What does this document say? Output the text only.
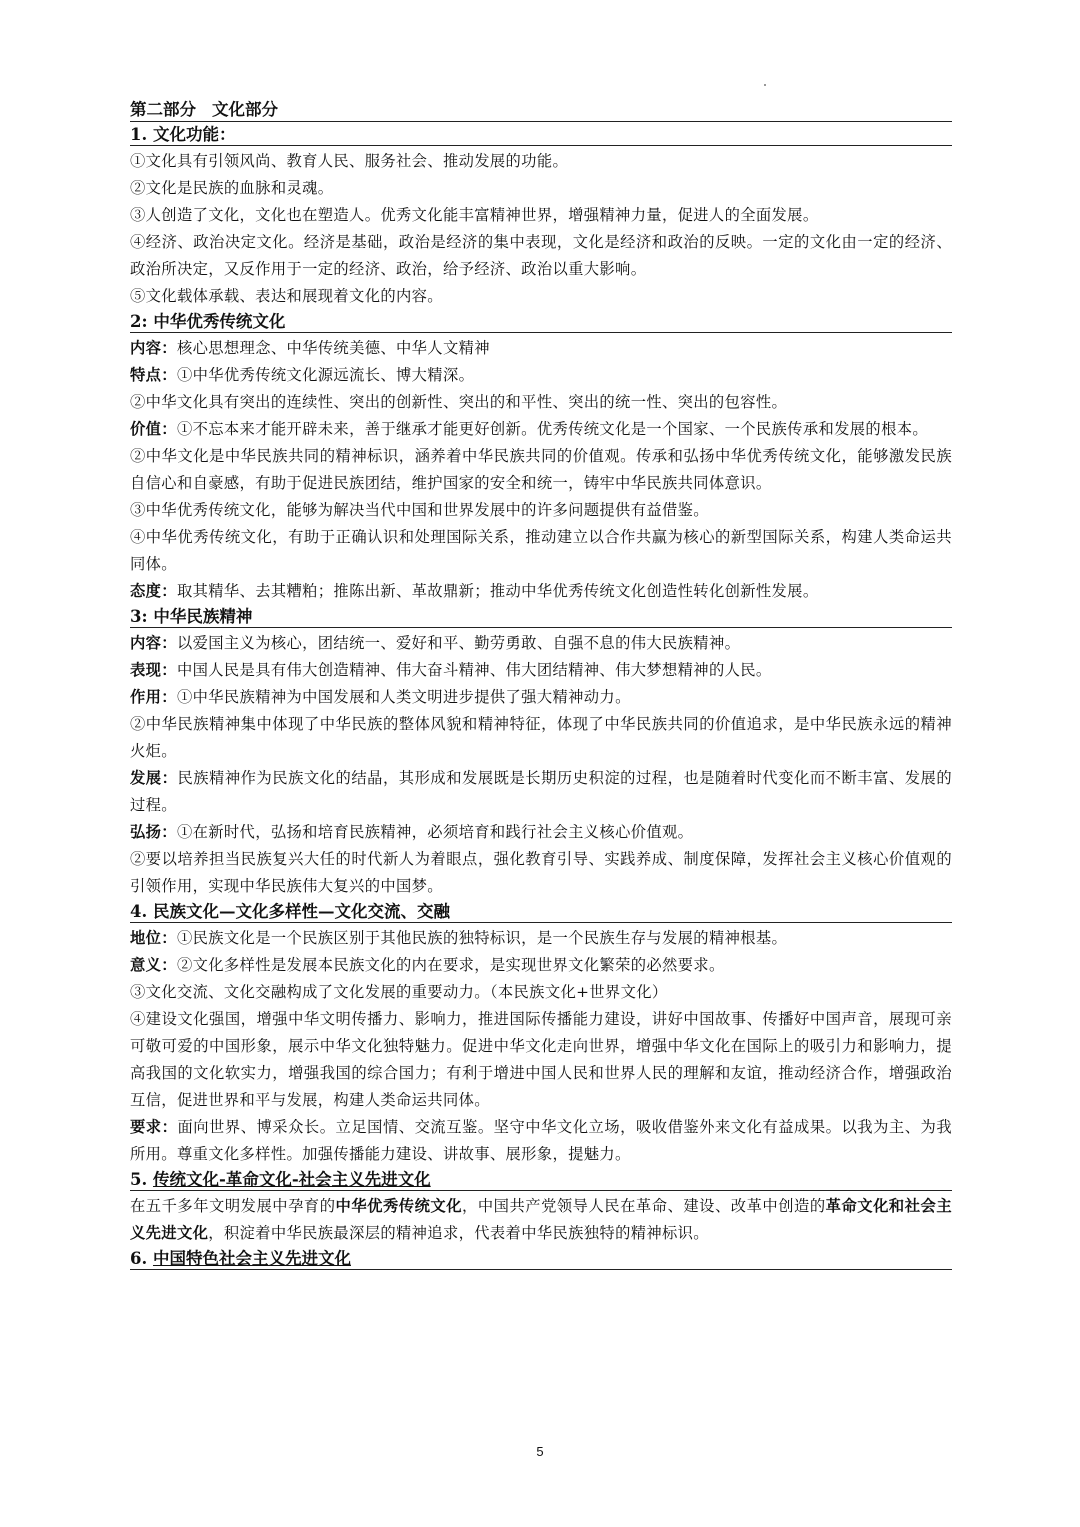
第二部分 文化部分
1. 文化功能：

①文化具有引领风尚、教育人民、服务社会、推动发展的功能。

②文化是民族的血脉和灵魂。

③人创造了文化，文化也在塑造人。优秀文化能丰富精神世界，增强精神力量，促进人的全面发展。

④经济、政治决定文化。经济是基础，政治是经济的集中表现，文化是经济和政治的反映。一定的文化由一定的经济、政治所决定，又反作用于一定的经济、政治，给予经济、政治以重大影响。

⑤文化载体承载、表达和展现着文化的内容。

2: 中华优秀传统文化

内容：核心思想理念、中华传统美德、中华人文精神

特点：①中华优秀传统文化源远流长、博大精深。

②中华文化具有突出的连续性、突出的创新性、突出的和平性、突出的统一性、突出的包容性。

价值：①不忘本来才能开辟未来，善于继承才能更好创新。优秀传统文化是一个国家、一个民族传承和发展的根本。

②中华文化是中华民族共同的精神标识，涵养着中华民族共同的价值观。传承和弘扬中华优秀传统文化，能够激发民族自信心和自豪感，有助于促进民族团结，维护国家的安全和统一，铸牢中华民族共同体意识。

③中华优秀传统文化，能够为解决当代中国和世界发展中的许多问题提供有益借鉴。

④中华优秀传统文化，有助于正确认识和处理国际关系，推动建立以合作共赢为核心的新型国际关系，构建人类命运共同体。

态度：取其精华、去其糟粕；推陈出新、革故鼎新；推动中华优秀传统文化创造性转化创新性发展。

3: 中华民族精神

内容：以爱国主义为核心，团结统一、爱好和平、勤劳勇敢、自强不息的伟大民族精神。

表现：中国人民是具有伟大创造精神、伟大奋斗精神、伟大团结精神、伟大梦想精神的人民。

作用：①中华民族精神为中国发展和人类文明进步提供了强大精神动力。

②中华民族精神集中体现了中华民族的整体风貌和精神特征，体现了中华民族共同的价值追求，是中华民族永远的精神火炬。

发展：民族精神作为民族文化的结晶，其形成和发展既是长期历史积淀的过程，也是随着时代变化而不断丰富、发展的过程。

弘扬：①在新时代，弘扬和培育民族精神，必须培育和践行社会主义核心价值观。

②要以培养担当民族复兴大任的时代新人为着眼点，强化教育引导、实践养成、制度保障，发挥社会主义核心价值观的引领作用，实现中华民族伟大复兴的中国梦。

4. 民族文化—文化多样性—文化交流、交融

地位：①民族文化是一个民族区别于其他民族的独特标识，是一个民族生存与发展的精神根基。

意义：②文化多样性是发展本民族文化的内在要求，是实现世界文化繁荣的必然要求。

③文化交流、文化交融构成了文化发展的重要动力。（本民族文化+世界文化）

④建设文化强国，增强中华文明传播力、影响力，推进国际传播能力建设，讲好中国故事、传播好中国声音，展现可亲可敬可爱的中国形象，展示中华文化独特魅力。促进中华文化走向世界，增强中华文化在国际上的吸引力和影响力，提高我国的文化软实力，增强我国的综合国力；有利于增进中国人民和世界人民的理解和友谊，推动经济合作，增强政治互信，促进世界和平与发展，构建人类命运共同体。

要求：面向世界、博采众长。立足国情、交流互鉴。坚守中华文化立场，吸收借鉴外来文化有益成果。以我为主、为我所用。尊重文化多样性。加强传播能力建设、讲故事、展形象，提魅力。

5. 传统文化-革命文化-社会主义先进文化

在五千多年文明发展中孕育的中华优秀传统文化，中国共产党领导人民在革命、建设、改革中创造的革命文化和社会主义先进文化，积淀着中华民族最深层的精神追求，代表着中华民族独特的精神标识。

6. 中国特色社会主义先进文化
5
